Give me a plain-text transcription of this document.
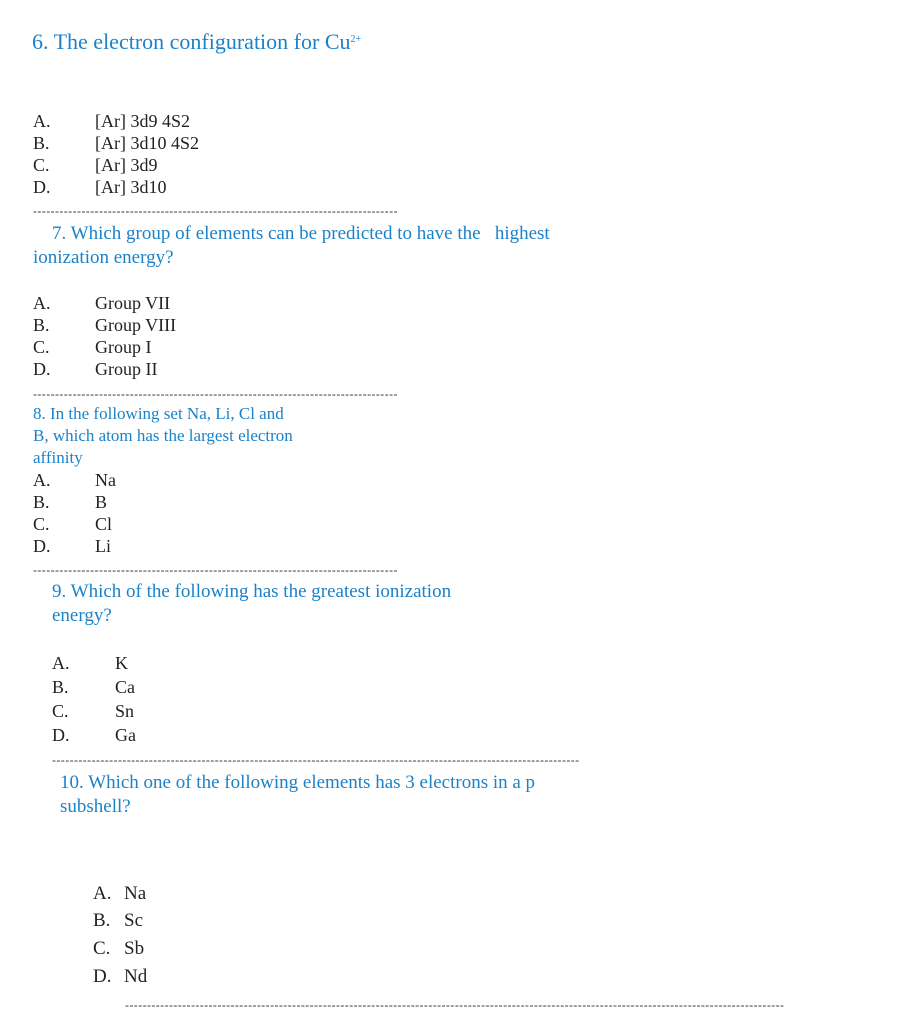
6. The electron configuration for $Cu^{2+}$
A. [Ar] 3d9 4S2
B.	[Ar] 3d10 4S2
C.	[Ar] 3d9
D. [Ar] 3d10
-----------------------------------------------------------------------------------
7. Which group of elements can be predicted to have the   highest
ionization energy?
A. Group VII
B.	Group VIII
C.	Group I
D. Group II
-----------------------------------------------------------------------------------
8. In the following set Na, Li, Cl and
B, which atom has the largest electron
affinity
A. Na
B.	B
C.	Cl
D. Li
-----------------------------------------------------------------------------------
9. Which of the following has the greatest ionization
energy?
A.	K
B.	Ca
C.	Sn
D.	Ga
------------------------------------------------------------------------------------------------------------------------
10. Which one of the following elements has 3 electrons in a p
subshell?
A. Na
B. Sc
C. Sb
D. Nd
------------------------------------------------------------------------------------------------------------------------------------------------------
